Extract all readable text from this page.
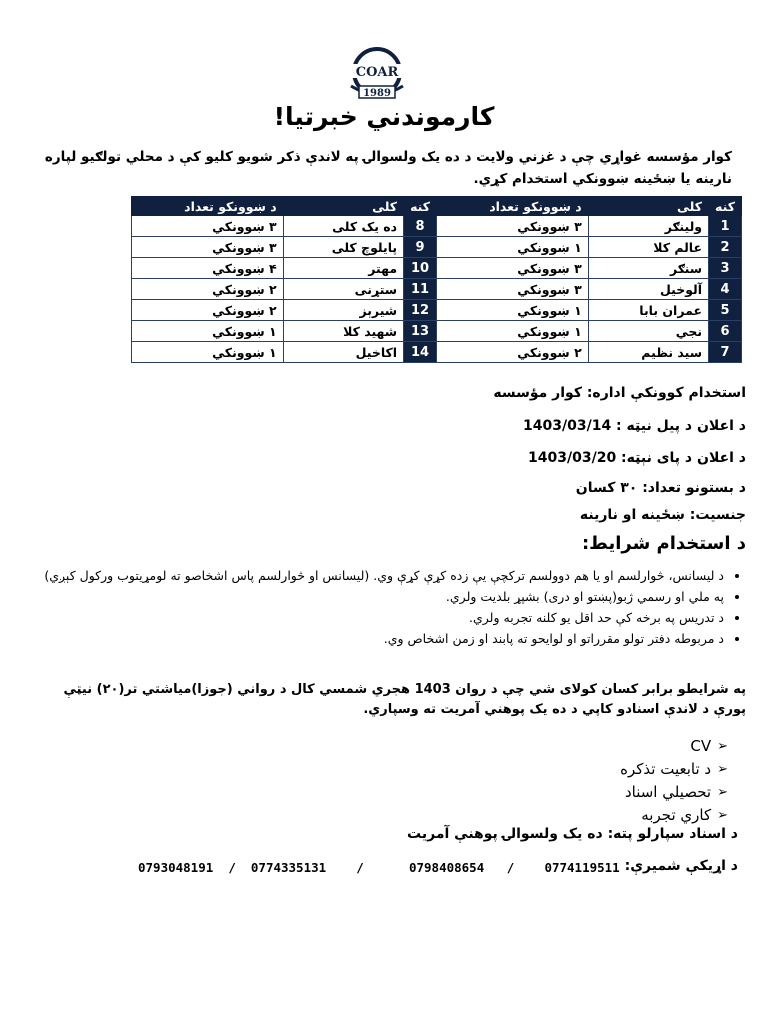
COAR
1989
کارموندني خبرتیا!
کوار مؤسسه غواړي چې د غزني ولایت د ده یک ولسوالۍ په لاندې ذکر شویو کلیو کې د محلي تولګیو لپاره نارینه یا ښځینه ښوونکي استخدام کړي.
کنه	کلی	د ښوونکو تعداد	کنه	کلی	د ښوونکو تعداد
1	ولینګر	۳ ښوونکي	8	ده یک کلی	۳ ښوونکي
2	عالم کلا	۱ ښوونکي	9	پایلوچ کلی	۳ ښوونکي
3	سنګر	۳ ښوونکي	10	مهتر	۴ ښوونکي
4	آلوخیل	۳ ښوونکي	11	ستړنی	۲ ښوونکي
5	عمران بابا	۱ ښوونکي	12	شیرېز	۲ ښوونکي
6	نجي	۱ ښوونکي	13	شهید کلا	۱ ښوونکي
7	سید نظیم	۲ ښوونکي	14	اکاخیل	۱ ښوونکي
استخدام کوونکې اداره: کوار مؤسسه
د اعلان د پیل نیټه : 1403/03/14
د اعلان د پای نېټه: 1403/03/20
د بستونو تعداد: ۳۰ کسان
جنسیت: ښځینه او نارینه
د استخدام شرایط:
• د لیسانس، څوارلسم او یا هم دوولسم ترکچې یې زده کړې کړې وي. (لیسانس او څوارلسم پاس اشخاصو ته لومړیتوب ورکول کېږي)
• په ملي او رسمي ژبو(پښتو او دری) بشپړ بلدیت ولري.
• د تدریس په برخه کې حد اقل یو کلنه تجربه ولري.
• د مربوطه دفتر تولو مقرراتو او لوایحو ته پابند او زمن اشخاص وي.
په شرایطو برابر کسان کولای شي چې د روان 1403 هجري شمسي کال د رواني (جوزا)میاشتي تر(۲۰) نیټې پورې د لاندې اسنادو کاپي د ده یک پوهني آمریت ته وسپاري.
➢
CV
➢
د تابعیت تذکره
➢
تحصیلي اسناد
➢
کاري تجربه
د اسناد سپارلو پته: ده یک ولسوالۍ پوهنې آمریت
د اړیکې شمیرې:
0793048191  /  0774335131    /      0798408654   /    0774119511
